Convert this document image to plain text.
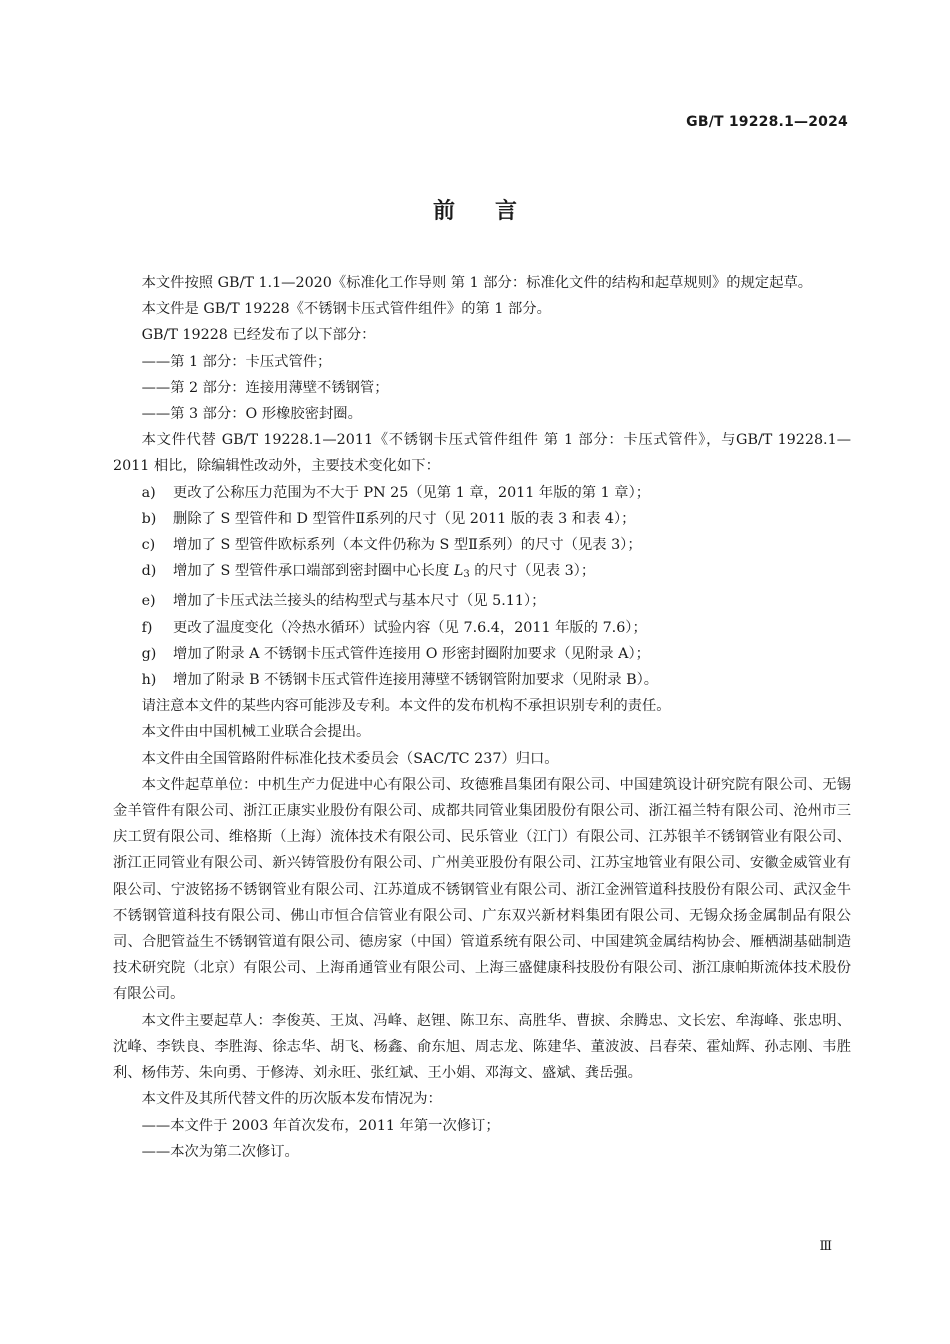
GB/T 19228.1—2024
前言

本文件按照 GB/T 1.1—2020《标准化工作导则 第 1 部分：标准化文件的结构和起草规则》的规定起草。

本文件是 GB/T 19228《不锈钢卡压式管件组件》的第 1 部分。

GB/T 19228 已经发布了以下部分：

——第 1 部分：卡压式管件；

——第 2 部分：连接用薄壁不锈钢管；

——第 3 部分：O 形橡胶密封圈。

本文件代替 GB/T 19228.1—2011《不锈钢卡压式管件组件 第 1 部分：卡压式管件》，与GB/T 19228.1—2011 相比，除编辑性改动外，主要技术变化如下：

a) 更改了公称压力范围为不大于 PN 25（见第 1 章，2011 年版的第 1 章）；

b) 删除了 S 型管件和 D 型管件Ⅱ系列的尺寸（见 2011 版的表 3 和表 4）；

c) 增加了 S 型管件欧标系列（本文件仍称为 S 型Ⅱ系列）的尺寸（见表 3）；

d) 增加了 S 型管件承口端部到密封圈中心长度 L3 的尺寸（见表 3）；

e) 增加了卡压式法兰接头的结构型式与基本尺寸（见 5.11）；

f) 更改了温度变化（冷热水循环）试验内容（见 7.6.4，2011 年版的 7.6）；

g) 增加了附录 A 不锈钢卡压式管件连接用 O 形密封圈附加要求（见附录 A）；

h) 增加了附录 B 不锈钢卡压式管件连接用薄壁不锈钢管附加要求（见附录 B）。

请注意本文件的某些内容可能涉及专利。本文件的发布机构不承担识别专利的责任。

本文件由中国机械工业联合会提出。

本文件由全国管路附件标准化技术委员会（SAC/TC 237）归口。

本文件起草单位：中机生产力促进中心有限公司、玫德雅昌集团有限公司、中国建筑设计研究院有限公司、无锡金羊管件有限公司、浙江正康实业股份有限公司、成都共同管业集团股份有限公司、浙江福兰特有限公司、沧州市三庆工贸有限公司、维格斯（上海）流体技术有限公司、民乐管业（江门）有限公司、江苏银羊不锈钢管业有限公司、浙江正同管业有限公司、新兴铸管股份有限公司、广州美亚股份有限公司、江苏宝地管业有限公司、安徽金威管业有限公司、宁波铭扬不锈钢管业有限公司、江苏道成不锈钢管业有限公司、浙江金洲管道科技股份有限公司、武汉金牛不锈钢管道科技有限公司、佛山市恒合信管业有限公司、广东双兴新材料集团有限公司、无锡众扬金属制品有限公司、合肥管益生不锈钢管道有限公司、德房家（中国）管道系统有限公司、中国建筑金属结构协会、雁栖湖基础制造技术研究院（北京）有限公司、上海甬通管业有限公司、上海三盛健康科技股份有限公司、浙江康帕斯流体技术股份有限公司。

本文件主要起草人：李俊英、王岚、冯峰、赵锂、陈卫东、高胜华、曹捩、余腾忠、文长宏、牟海峰、张忠明、沈峰、李铁良、李胜海、徐志华、胡飞、杨鑫、俞东旭、周志龙、陈建华、董波波、吕春荣、霍灿辉、孙志刚、韦胜利、杨伟芳、朱向勇、于修涛、刘永旺、张红斌、王小娟、邓海文、盛斌、龚岳强。

本文件及其所代替文件的历次版本发布情况为：

——本文件于 2003 年首次发布，2011 年第一次修订；

——本次为第二次修订。

Ⅲ
